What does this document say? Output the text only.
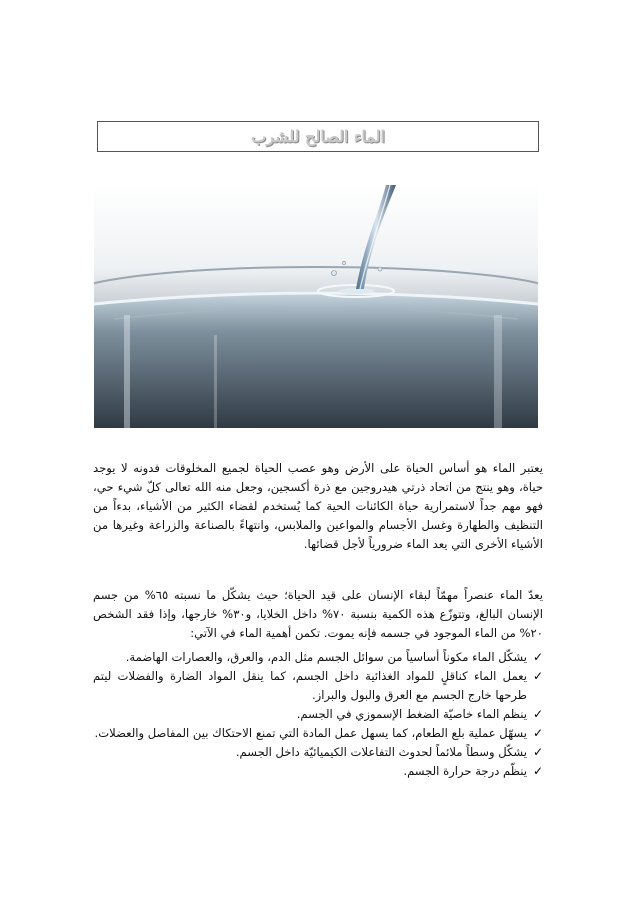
الماء الصالح للشرب

يعتبر الماء هو أساس الحياة على الأرض وهو عصب الحياة لجميع المخلوقات فدونه لا يوجد حياة، وهو ينتج من اتحاد ذرتي هيدروجين مع ذرة أكسجين، وجعل منه الله تعالى كلّ شيء حي، فهو مهم جداً لاستمرارية حياة الكائنات الحية كما يُستخدم لقضاء الكثير من الأشياء، بدءاً من التنظيف والطهارة وغسل الأجسام والمواعين والملابس، وانتهاءً بالصناعة والزراعة وغيرها من الأشياء الأخرى التي يعد الماء ضرورياً لأجل قضائها.

يعدّ الماء عنصراً مهمّاً لبقاء الإنسان على قيد الحياة؛ حيث يشكّل ما نسبته ٦٥% من جسم الإنسان البالغ، وتتوزّع هذه الكمية بنسبة ٧٠% داخل الخلايا، و٣٠% خارجها، وإذا فقد الشخص ٢٠% من الماء الموجود في جسمه فإنه يموت. تكمن أهمية الماء في الآتي:

✓
يشكّل الماء مكوناً أساسياً من سوائل الجسم مثل الدم، والعرق، والعصارات الهاضمة.
✓
يعمل الماء كناقلٍ للمواد الغذائية داخل الجسم، كما ينقل المواد الضارة والفضلات ليتم طرحها خارج الجسم مع العرق والبول والبراز.
✓
ينظم الماء خاصيّة الضغط الإسموزي في الجسم.
✓
يسهّل عملية بلع الطعام، كما يسهل عمل المادة التي تمنع الاحتكاك بين المفاصل والعضلات.
✓
يشكّل وسطاً ملائماً لحدوث التفاعلات الكيميائيّة داخل الجسم.
✓
ينظّم درجة حرارة الجسم.
